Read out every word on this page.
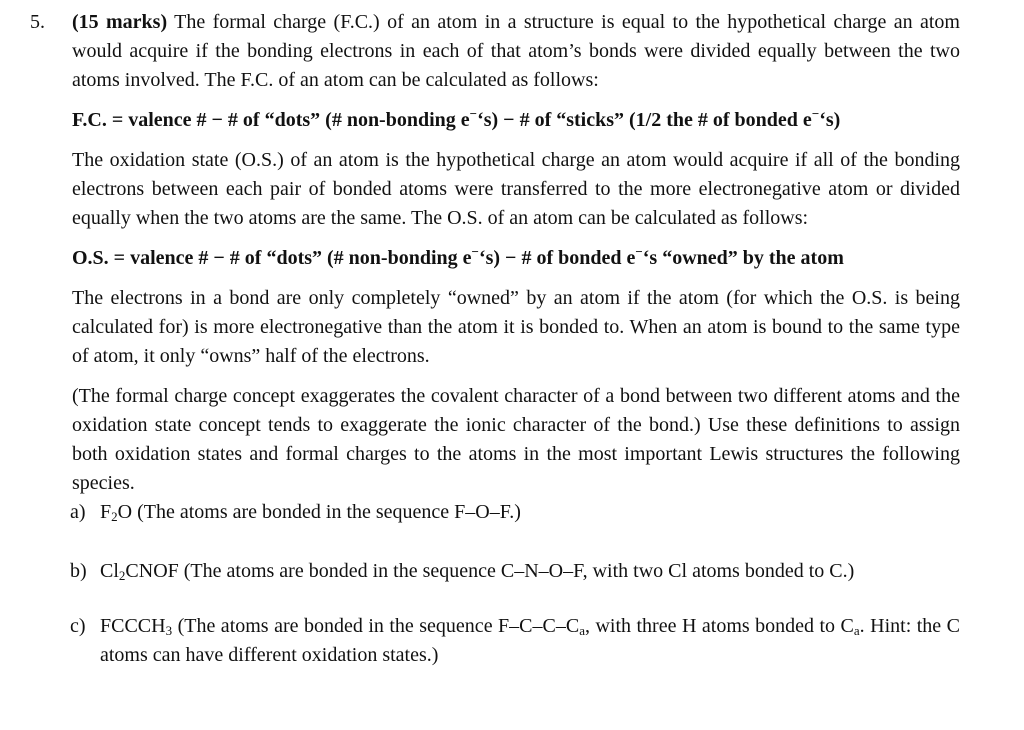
5. (15 marks) The formal charge (F.C.) of an atom in a structure is equal to the hypothetical charge an atom would acquire if the bonding electrons in each of that atom’s bonds were divided equally between the two atoms involved. The F.C. of an atom can be calculated as follows:

F.C. = valence # − # of “dots” (# non-bonding e−‘s) − # of “sticks” (1/2 the # of bonded e−‘s)

The oxidation state (O.S.) of an atom is the hypothetical charge an atom would acquire if all of the bonding electrons between each pair of bonded atoms were transferred to the more electronegative atom or divided equally when the two atoms are the same. The O.S. of an atom can be calculated as follows:

O.S. = valence # − # of “dots” (# non-bonding e−‘s) − # of bonded e−‘s “owned” by the atom

The electrons in a bond are only completely “owned” by an atom if the atom (for which the O.S. is being calculated for) is more electronegative than the atom it is bonded to. When an atom is bound to the same type of atom, it only “owns” half of the electrons.

(The formal charge concept exaggerates the covalent character of a bond between two different atoms and the oxidation state concept tends to exaggerate the ionic character of the bond.) Use these definitions to assign both oxidation states and formal charges to the atoms in the most important Lewis structures the following species.

a) $F_2O$ (The atoms are bonded in the sequence F–O–F.)
b) $Cl_2CNOF$ (The atoms are bonded in the sequence C–N–O–F, with two Cl atoms bonded to C.)
c) $FCCCH_3$ (The atoms are bonded in the sequence $F-C-C-C_a$, with three H atoms bonded to $C_a$. Hint: the C atoms can have different oxidation states.)
